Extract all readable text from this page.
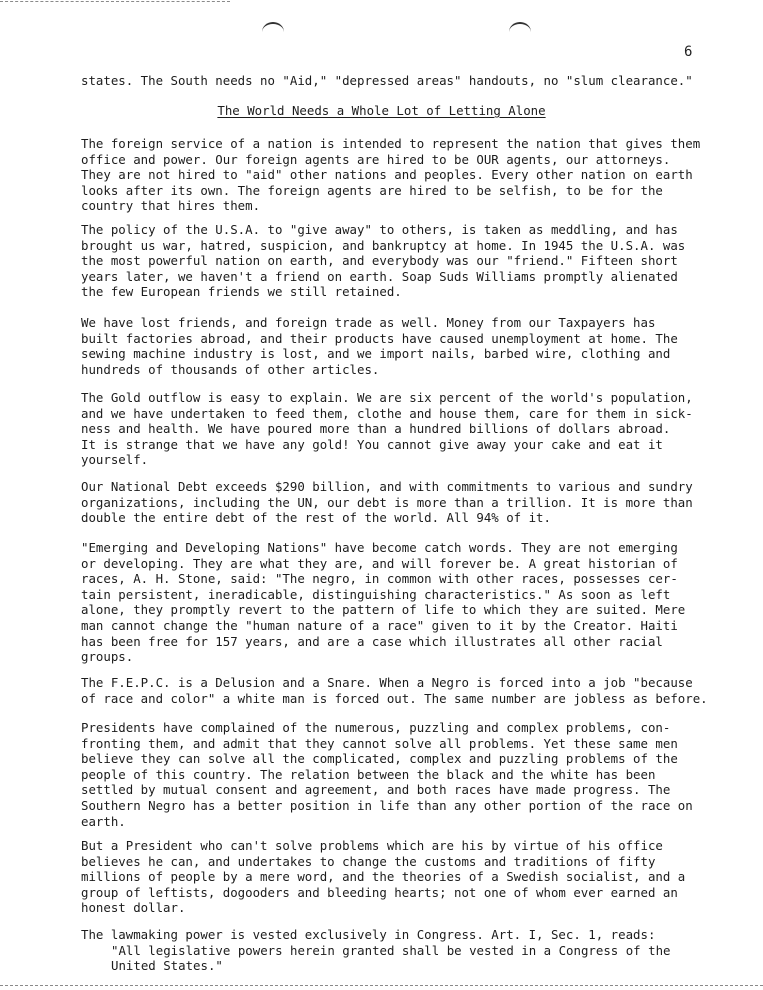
6
states. The South needs no "Aid," "depressed areas" handouts, no "slum clearance."
The World Needs a Whole Lot of Letting Alone
The foreign service of a nation is intended to represent the nation that gives them
office and power. Our foreign agents are hired to be OUR agents, our attorneys.
They are not hired to "aid" other nations and peoples. Every other nation on earth
looks after its own. The foreign agents are hired to be selfish, to be for the
country that hires them.
The policy of the U.S.A. to "give away" to others, is taken as meddling, and has
brought us war, hatred, suspicion, and bankruptcy at home. In 1945 the U.S.A. was
the most powerful nation on earth, and everybody was our "friend." Fifteen short
years later, we haven't a friend on earth. Soap Suds Williams promptly alienated
the few European friends we still retained.
We have lost friends, and foreign trade as well. Money from our Taxpayers has
built factories abroad, and their products have caused unemployment at home. The
sewing machine industry is lost, and we import nails, barbed wire, clothing and
hundreds of thousands of other articles.
The Gold outflow is easy to explain. We are six percent of the world's population,
and we have undertaken to feed them, clothe and house them, care for them in sick-
ness and health. We have poured more than a hundred billions of dollars abroad.
It is strange that we have any gold! You cannot give away your cake and eat it
yourself.
Our National Debt exceeds $290 billion, and with commitments to various and sundry
organizations, including the UN, our debt is more than a trillion. It is more than
double the entire debt of the rest of the world. All 94% of it.
"Emerging and Developing Nations" have become catch words. They are not emerging
or developing. They are what they are, and will forever be. A great historian of
races, A. H. Stone, said: "The negro, in common with other races, possesses cer-
tain persistent, ineradicable, distinguishing characteristics." As soon as left
alone, they promptly revert to the pattern of life to which they are suited. Mere
man cannot change the "human nature of a race" given to it by the Creator. Haiti
has been free for 157 years, and are a case which illustrates all other racial
groups.
The F.E.P.C. is a Delusion and a Snare. When a Negro is forced into a job "because
of race and color" a white man is forced out. The same number are jobless as before.
Presidents have complained of the numerous, puzzling and complex problems, con-
fronting them, and admit that they cannot solve all problems. Yet these same men
believe they can solve all the complicated, complex and puzzling problems of the
people of this country. The relation between the black and the white has been
settled by mutual consent and agreement, and both races have made progress. The
Southern Negro has a better position in life than any other portion of the race on
earth.
But a President who can't solve problems which are his by virtue of his office
believes he can, and undertakes to change the customs and traditions of fifty
millions of people by a mere word, and the theories of a Swedish socialist, and a
group of leftists, dogooders and bleeding hearts; not one of whom ever earned an
honest dollar.
The lawmaking power is vested exclusively in Congress. Art. I, Sec. 1, reads:
"All legislative powers herein granted shall be vested in a Congress of the
United States."
